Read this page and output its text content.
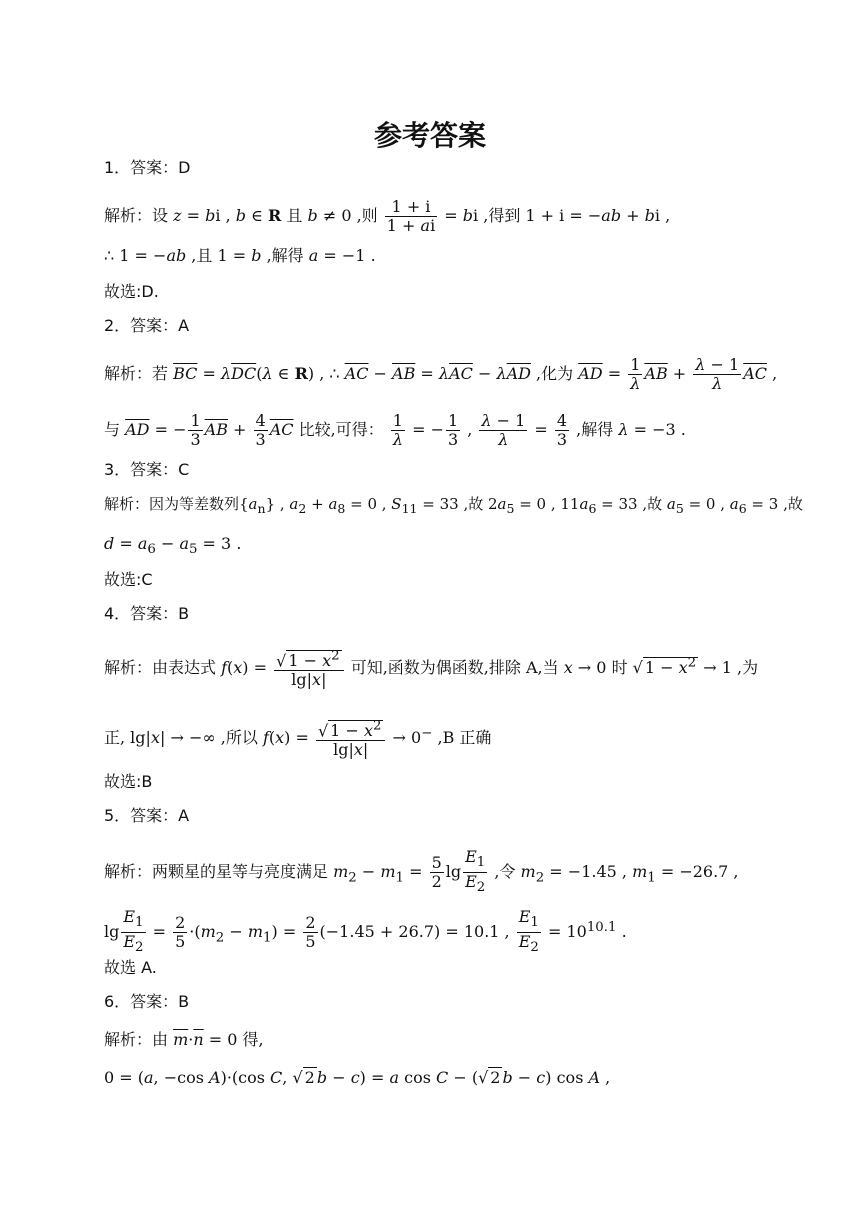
参考答案
1．答案：D
解析：设 z = bi , b ∈ R 且 b ≠ 0 ,则 $\frac{1 + i}{1 + ai}$ = bi ,得到 1 + i = −ab + bi ,
∴ 1 = −ab ,且 1 = b ,解得 a = −1 .
故选:D.
2．答案：A
解析：若 $\overline{BC} = \lambda\overline{DC}(\lambda$ ∈ R) , ∴ $\overline{AC} - \overline{AB} = \lambda\overline{AC} - \lambda\overline{AD}$ ,化为 $\overline{AD} = \frac{1}{\lambda} \overline{AB} + \frac{\lambda - 1}{\lambda} \overline{AC}$ ,
与 $\overline{AD}$ = − $\frac{1}{3} \overline{AB} + \frac{4}{3} \overline{AC}$ 比较,可得： $\frac{1}{\lambda}$ = − $\frac{1}{3}$ , $\frac{\lambda - 1}{\lambda} = \frac{4}{3}$ ,解得 λ = −3 .
3．答案：C
解析：因为等差数列$\{a_n\}$ , $a_2 + a_8 = 0$ , $S_{11} = 33$ ,故 $2a_5 = 0$ , $11a_6 = 33$ ,故 $a_5 = 0$ , $a_6 = 3$ ,故
$d = a_6 - a_5 = 3$ .
故选:C
4．答案：B
解析：由表达式 $f(x) = \frac{√ 1 - x^2}{\lg|x|}$ 可知,函数为偶函数,排除 A,当 x → 0 时 √ $1 - x^2 \to 1$ ,为
正, lg|x| → −∞ ,所以 $f(x) = \frac{√ 1 - x^2}{\lg|x|} \to 0^-$ ,B 正确
故选:B
5．答案：A
解析：两颗星的星等与亮度满足 $m_2 - m_1 = \frac{5}{2}$ $\lg \frac{E_1}{E_2}$ ,令 $m_2 = -1.45$ , $m_1 = -26.7$ ,
$\lg \frac{E_1}{E_2} = \frac{2}{5} \cdot(m_2 - m_1) = \frac{2}{5} (-1.45 + 26.7) = 10.1$ , $\frac{E_1}{E_2} = 10^{10.1}$ .
故选 A.
6．答案：B
解析：由 $\overline{m}\cdot\overline{n} = 0$ 得,
0 = (a, −cos A)·(cos C, √ 2 b − c) = a cos C − (√ 2 b − c) cos A ,
